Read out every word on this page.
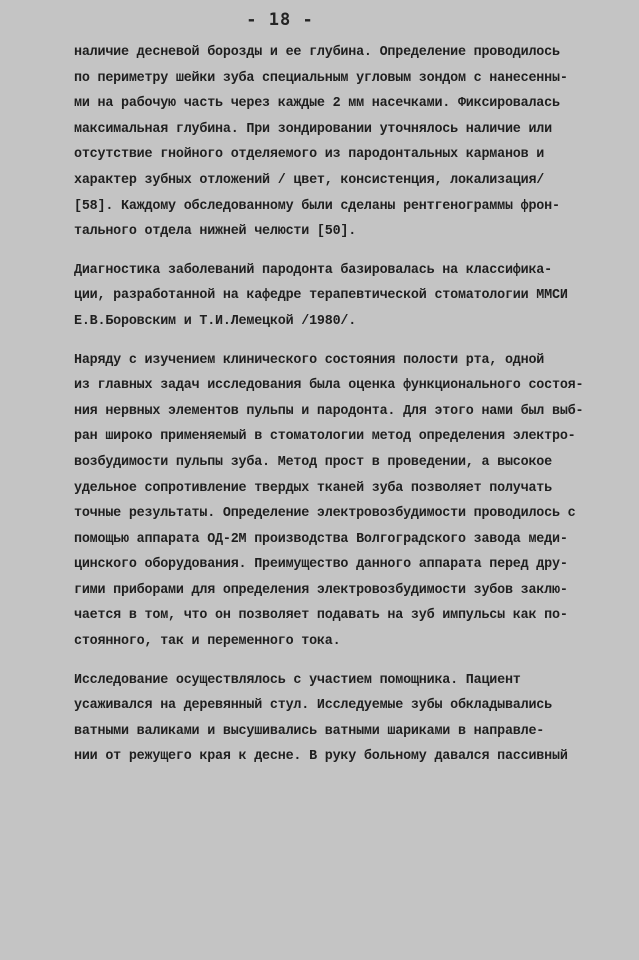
- 18 -
наличие десневой борозды и ее глубина. Определение проводилось
по периметру шейки зуба специальным угловым зондом с нанесенны-
ми на рабочую часть через каждые 2 мм насечками. Фиксировалась
максимальная глубина. При зондировании уточнялось наличие или
отсутствие гнойного отделяемого из пародонтальных карманов и
характер зубных отложений / цвет, консистенция, локализация/
[58]. Каждому обследованному были сделаны рентгенограммы фрон-
тального отдела нижней челюсти [50].
Диагностика заболеваний пародонта базировалась на классифика-
ции, разработанной на кафедре терапевтической стоматологии ММСИ
Е.В.Боровским и Т.И.Лемецкой /1980/.
Наряду с изучением клинического состояния полости рта, одной
из главных задач исследования была оценка функционального состоя-
ния нервных элементов пульпы и пародонта. Для этого нами был выб-
ран широко применяемый в стоматологии метод определения электро-
возбудимости пульпы зуба. Метод прост в проведении, а высокое
удельное сопротивление твердых тканей зуба позволяет получать
точные результаты. Определение электровозбудимости проводилось с
помощью аппарата ОД-2М производства Волгоградского завода меди-
цинского оборудования. Преимущество данного аппарата перед дру-
гими приборами для определения электровозбудимости зубов заклю-
чается в том, что он позволяет подавать на зуб импульсы как по-
стоянного, так и переменного тока.
Исследование осуществлялось с участием помощника. Пациент
усаживался на деревянный стул. Исследуемые зубы обкладывались
ватными валиками и высушивались ватными шариками в направле-
нии от режущего края к десне. В руку больному давался пассивный
